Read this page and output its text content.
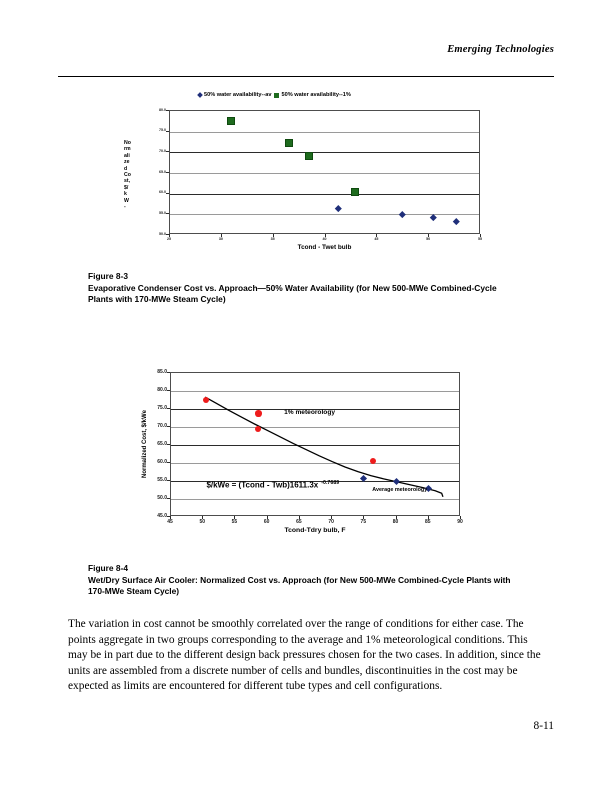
Emerging Technologies
50% water availability--av 50% water availability--1%
No
rm
ali
ze
d
Co
st,
$/
k
W
-
Tcond - Twet bulb
80.0
75.0
70.0
65.0
60.0
55.0
50.0
25	30	35	40	45	50	55
Normalized Cost, $/kWe	1% meteorology
Average meteorology
$/kWe = (Tcond - Twb)1611.3x $^{-0.7689}$
Tcond-Tdry bulb, F
85.0
80.0
75.0
70.0
65.0
60.0
55.0
50.0
45.0
45	50	55	60	65	70	75	80	85	90
Figure 8-3
Evaporative Condenser Cost vs. Approach—50% Water Availability (for New 500-MWe Combined-Cycle Plants with 170-MWe Steam Cycle)
Figure 8-4
Wet/Dry Surface Air Cooler: Normalized Cost vs. Approach (for New 500-MWe Combined-Cycle Plants with 170-MWe Steam Cycle)
The variation in cost cannot be smoothly correlated over the range of conditions for either case. The points aggregate in two groups corresponding to the average and 1% meteorological conditions. This may be in part due to the different design back pressures chosen for the two cases. In addition, since the units are assembled from a discrete number of cells and bundles, discontinuities in the cost may be expected as limits are encountered for different tube types and cell configurations.
8-11
